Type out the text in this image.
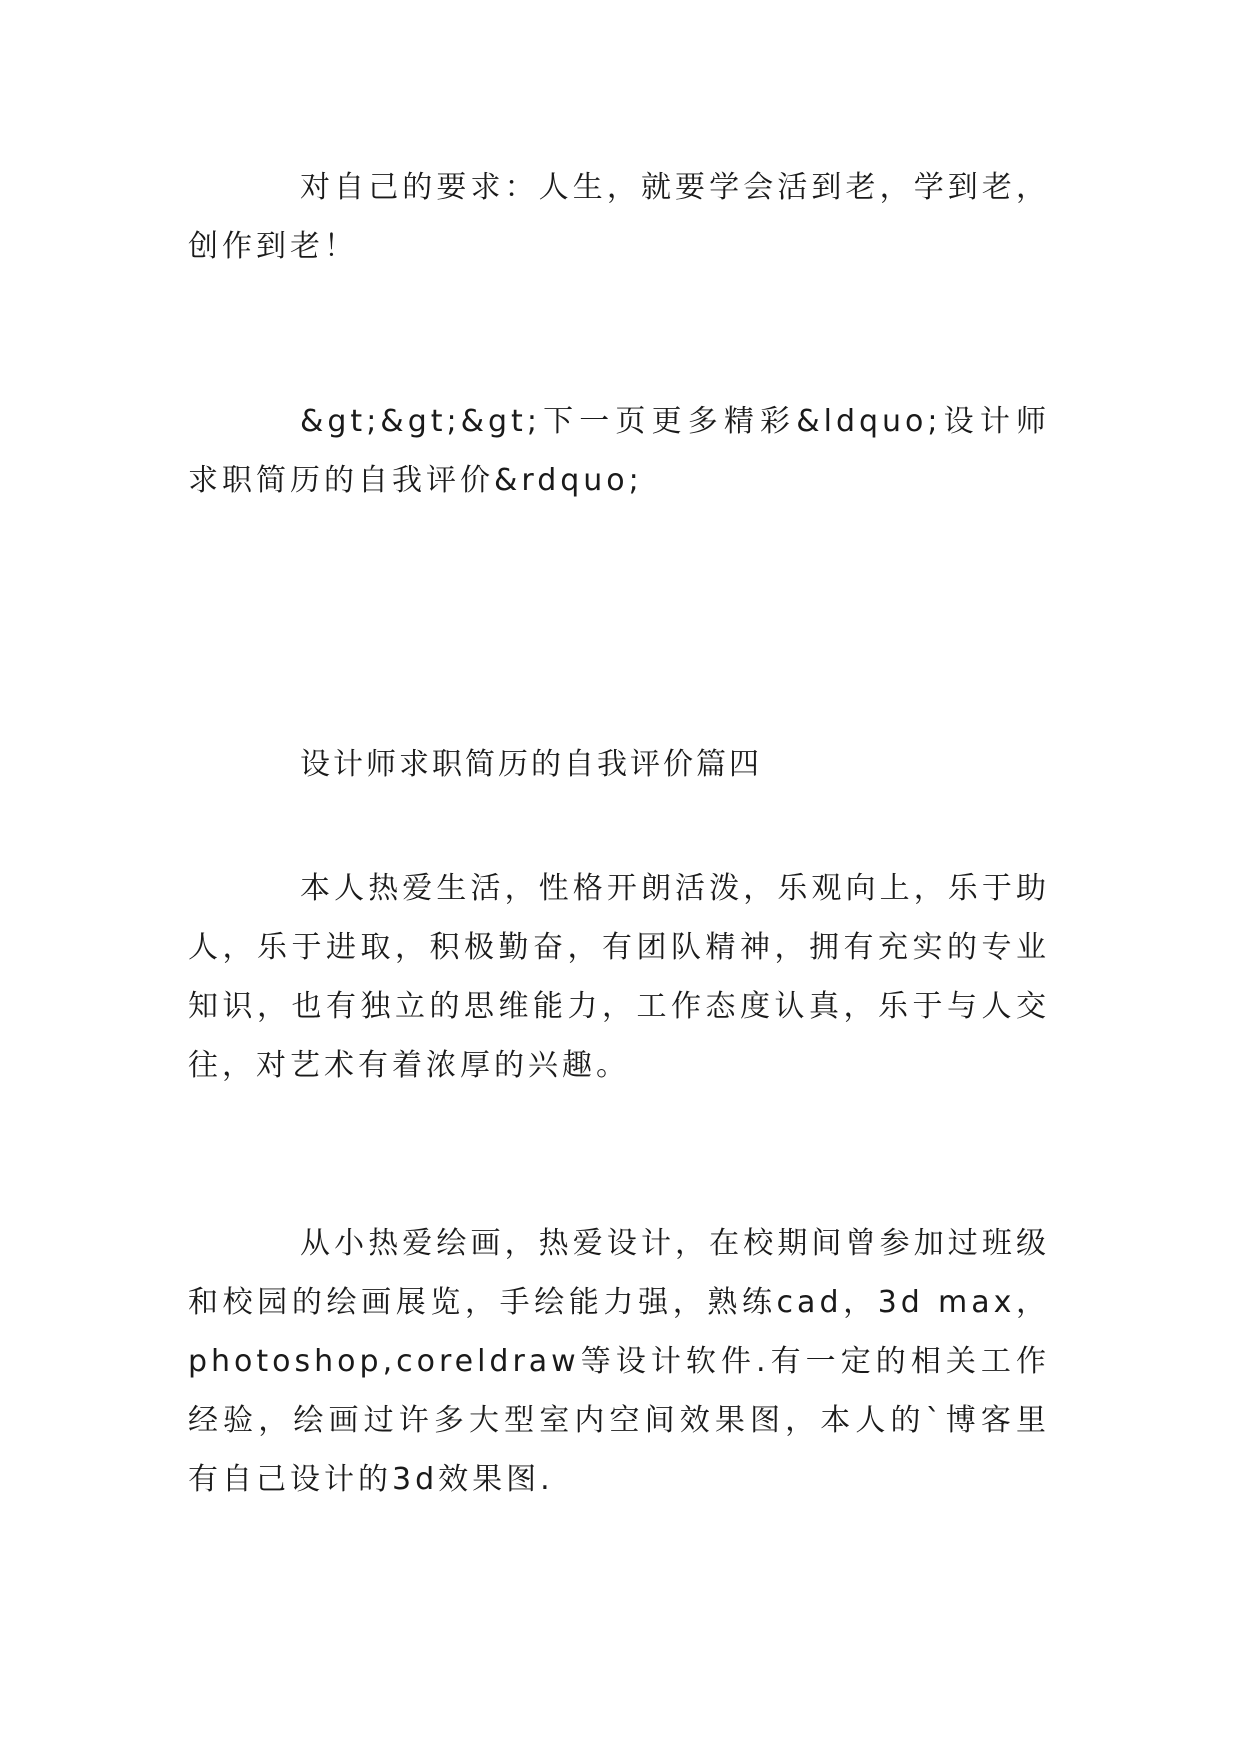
对自己的要求：人生，就要学会活到老，学到老，创作到老！

&gt;&gt;&gt;下一页更多精彩&ldquo;设计师求职简历的自我评价&rdquo;

设计师求职简历的自我评价篇四

本人热爱生活，性格开朗活泼，乐观向上，乐于助人，乐于进取，积极勤奋，有团队精神，拥有充实的专业知识，也有独立的思维能力，工作态度认真，乐于与人交往，对艺术有着浓厚的兴趣。

从小热爱绘画，热爱设计，在校期间曾参加过班级和校园的绘画展览，手绘能力强，熟练cad，3d max，photoshop,coreldraw等设计软件.有一定的相关工作经验，绘画过许多大型室内空间效果图，本人的`博客里有自己设计的3d效果图.
